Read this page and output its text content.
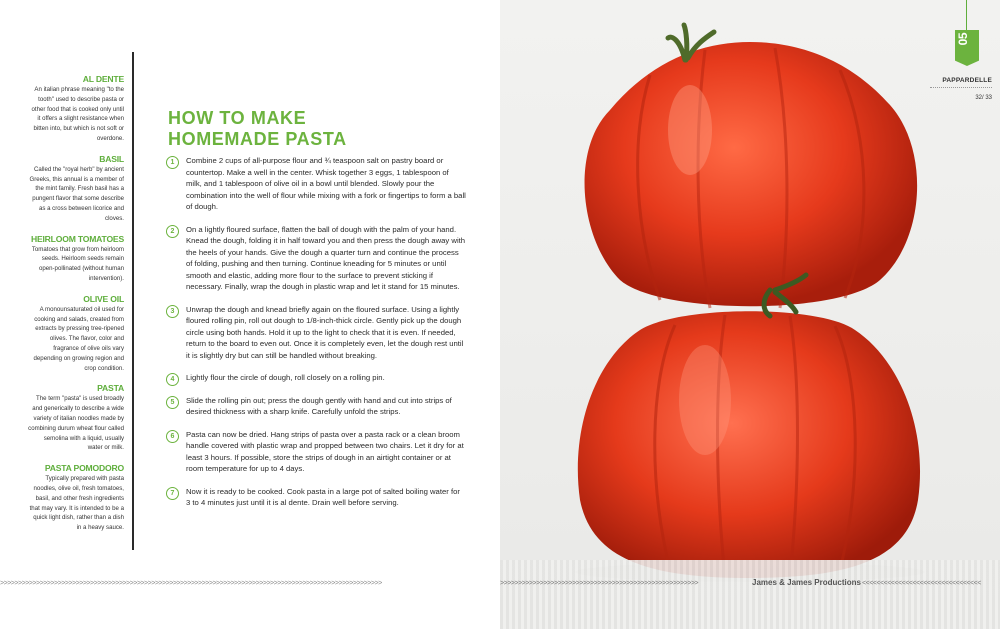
AL DENTE
An italian phrase meaning "to the tooth" used to describe pasta or other food that is cooked only until it offers a slight resistance when bitten into, but which is not soft or overdone.
BASIL
Called the "royal herb" by ancient Greeks, this annual is a member of the mint family. Fresh basil has a pungent flavor that some describe as a cross between licorice and cloves.
HEIRLOOM TOMATOES
Tomatoes that grow from heirloom seeds. Heirloom seeds remain open-pollinated (without human intervention).
OLIVE OIL
A monounsaturated oil used for cooking and salads, created from extracts by pressing tree-ripened olives. The flavor, color and fragrance of olive oils vary depending on growing region and crop condition.
PASTA
The term "pasta" is used broadly and generically to describe a wide variety of italian noodles made by combining durum wheat flour called semolina with a liquid, usually water or milk.
PASTA POMODORO
Typically prepared with pasta noodles, olive oil, fresh tomatoes, basil, and other fresh ingredients that may vary. It is intended to be a quick light dish, rather than a dish in a heavy sauce.
HOW TO MAKE
HOMEMADE PASTA
1	Combine 2 cups of all-purpose flour and ¾ teaspoon salt on pastry board or countertop. Make a well in the center. Whisk together 3 eggs, 1 tablespoon of milk, and 1 tablespoon of olive oil in a bowl until blended. Slowly pour the combination into the well of flour while mixing with a fork or fingertips to form a ball of dough.
2	On a lightly floured surface, flatten the ball of dough with the palm of your hand. Knead the dough, folding it in half toward you and then press the dough away with the heels of your hands. Give the dough a quarter turn and continue the process of folding, pushing and then turning. Continue kneading for 5 minutes or until smooth and elastic, adding more flour to the surface to prevent sticking if necessary. Finally, wrap the dough in plastic wrap and let it stand for 15 minutes.
3	Unwrap the dough and knead briefly again on the floured surface. Using a lightly floured rolling pin, roll out dough to 1/8-inch-thick circle. Gently pick up the dough circle using both hands. Hold it up to the light to check that it is even. If needed, return to the board to even out. Once it is completely even, let the dough rest until it is slightly dry but can still be handled without breaking.
4	Lightly flour the circle of dough, roll closely on a rolling pin.
5	Slide the rolling pin out; press the dough gently with hand and cut into strips of desired thickness with a sharp knife. Carefully unfold the strips.
6	Pasta can now be dried. Hang strips of pasta over a pasta rack or a clean broom handle covered with plastic wrap and propped between two chairs. Let it dry for at least 3 hours. If possible, store the strips of dough in an airtight container or at room temperature for up to 4 days.
7	Now it is ready to be cooked. Cook pasta in a large pot of salted boiling water for 3 to 4 minutes just until it is al dente. Drain well before serving.
>>>>>>>>>>>>>>>>>>>>>>>>>>>>>>>>>>>>>>>>>>>>>>>>>>>>>>>>>>>>>>>>>>>>>>>>>>>>>>>>>>>>>>>>>>>>>>>>>>>>>>>>>>	>>>>>>>>>>>>>>>>>>>>>>>>>>>>>>>>>>>>>>>>>>>>>>>>>>>>>>>	James & James Productions <<<<<<<<<<<<<<<<<<<<<<<<<<<<<<<<<
05
PAPPARDELLE
32/ 33
